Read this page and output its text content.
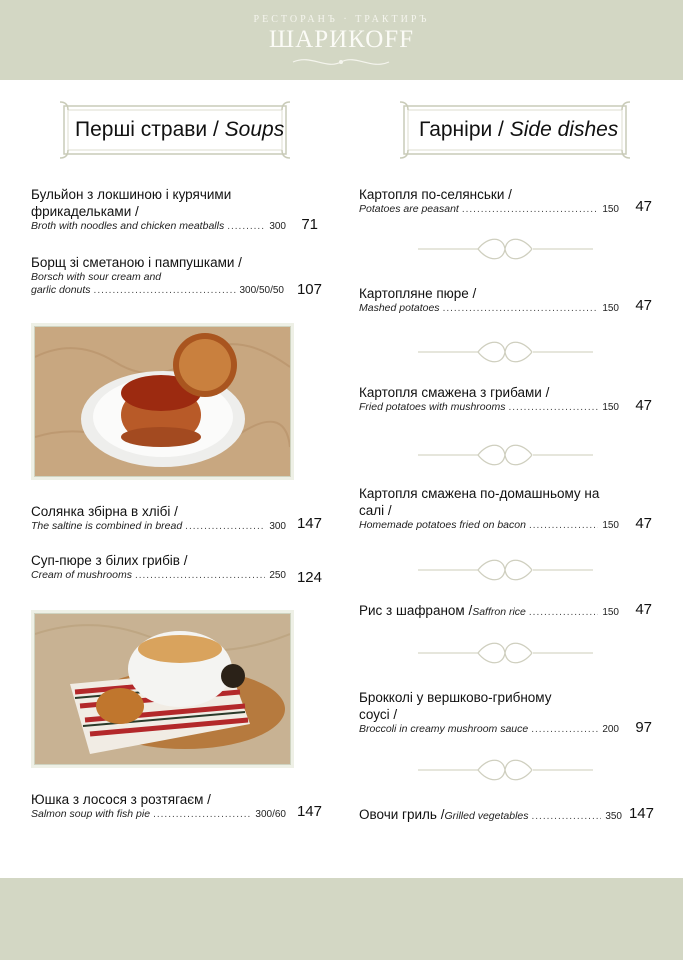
РЕСТОРАНЪ · ТРАКТИРЪ
ШАРИКОFF
Перші страви / Soups	Гарніри / Side dishes
Бульйон з локшиною і курячими фрикадельками /
Broth with noodles and chicken meatballs .....	300	71
Борщ зі сметаною і пампушками /
Borsch with sour cream and
garlic donuts .....	300/50/50 107
Солянка збірна в хлібі /
The saltine is combined in bread .....	300 147
Суп-пюре з білих грибів /
Cream of mushrooms .....	250 124
Юшка з лосося з розтягаєм /
Salmon soup with fish pie .....	300/60 147
Картопля по-селянськи /
Potatoes are peasant .....	150	47
Картопляне пюре /
Mashed potatoes .....	150	47
Картопля смажена з грибами /
Fried potatoes with mushrooms .....	150	47
Картопля смажена по-домашньому на салі /
Homemade potatoes fried on bacon .....	150	47
Рис з шафраном / Saffron rice .....	150	47
Брокколі у вершково-грибному соусі /
Broccoli in creamy mushroom sauce .....	200	97
Овочи гриль / Grilled vegetables .....	350 147
